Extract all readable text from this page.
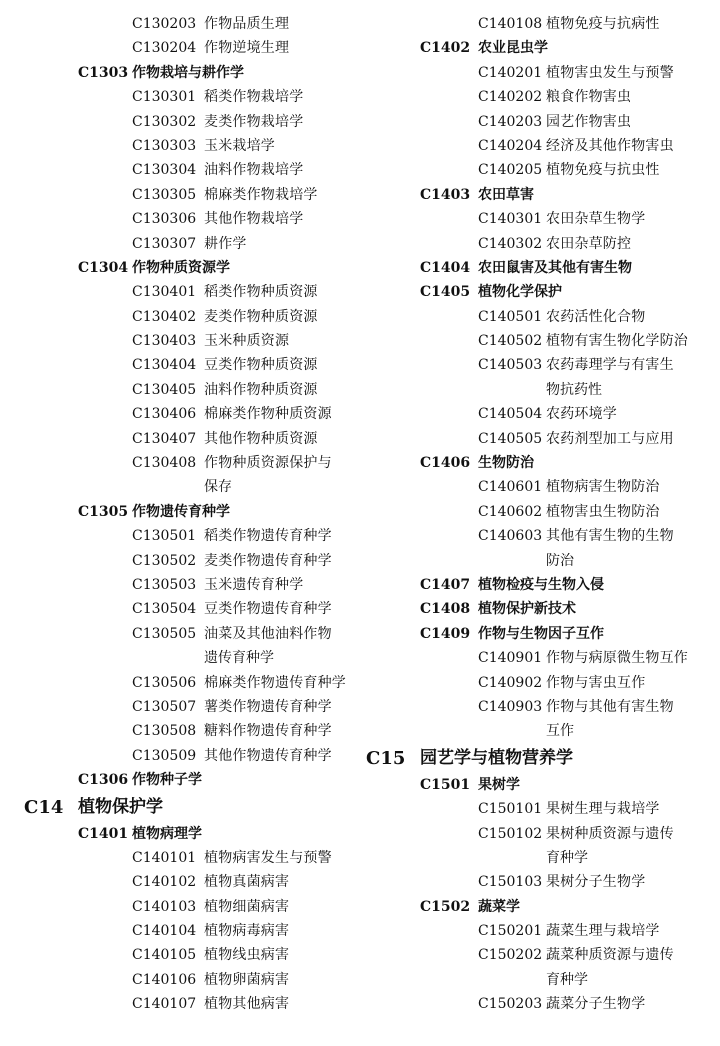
C130203 作物品质生理
C130204 作物逆境生理
C1303 作物栽培与耕作学
C130301 稻类作物栽培学
C130302 麦类作物栽培学
C130303 玉米栽培学
C130304 油料作物栽培学
C130305 棉麻类作物栽培学
C130306 其他作物栽培学
C130307 耕作学
C1304 作物种质资源学
C130401 稻类作物种质资源
C130402 麦类作物种质资源
C130403 玉米种质资源
C130404 豆类作物种质资源
C130405 油料作物种质资源
C130406 棉麻类作物种质资源
C130407 其他作物种质资源
C130408 作物种质资源保护与
保存
C1305 作物遗传育种学
C130501 稻类作物遗传育种学
C130502 麦类作物遗传育种学
C130503 玉米遗传育种学
C130504 豆类作物遗传育种学
C130505 油菜及其他油料作物
遗传育种学
C130506 棉麻类作物遗传育种学
C130507 薯类作物遗传育种学
C130508 糖料作物遗传育种学
C130509 其他作物遗传育种学
C1306 作物种子学
C14 植物保护学
C1401 植物病理学
C140101 植物病害发生与预警
C140102 植物真菌病害
C140103 植物细菌病害
C140104 植物病毒病害
C140105 植物线虫病害
C140106 植物卵菌病害
C140107 植物其他病害
C140108 植物免疫与抗病性
C1402 农业昆虫学
C140201 植物害虫发生与预警
C140202 粮食作物害虫
C140203 园艺作物害虫
C140204 经济及其他作物害虫
C140205 植物免疫与抗虫性
C1403 农田草害
C140301 农田杂草生物学
C140302 农田杂草防控
C1404 农田鼠害及其他有害生物
C1405 植物化学保护
C140501 农药活性化合物
C140502 植物有害生物化学防治
C140503 农药毒理学与有害生
物抗药性
C140504 农药环境学
C140505 农药剂型加工与应用
C1406 生物防治
C140601 植物病害生物防治
C140602 植物害虫生物防治
C140603 其他有害生物的生物
防治
C1407 植物检疫与生物入侵
C1408 植物保护新技术
C1409 作物与生物因子互作
C140901 作物与病原微生物互作
C140902 作物与害虫互作
C140903 作物与其他有害生物
互作
C15 园艺学与植物营养学
C1501 果树学
C150101 果树生理与栽培学
C150102 果树种质资源与遗传
育种学
C150103 果树分子生物学
C1502 蔬菜学
C150201 蔬菜生理与栽培学
C150202 蔬菜种质资源与遗传
育种学
C150203 蔬菜分子生物学
